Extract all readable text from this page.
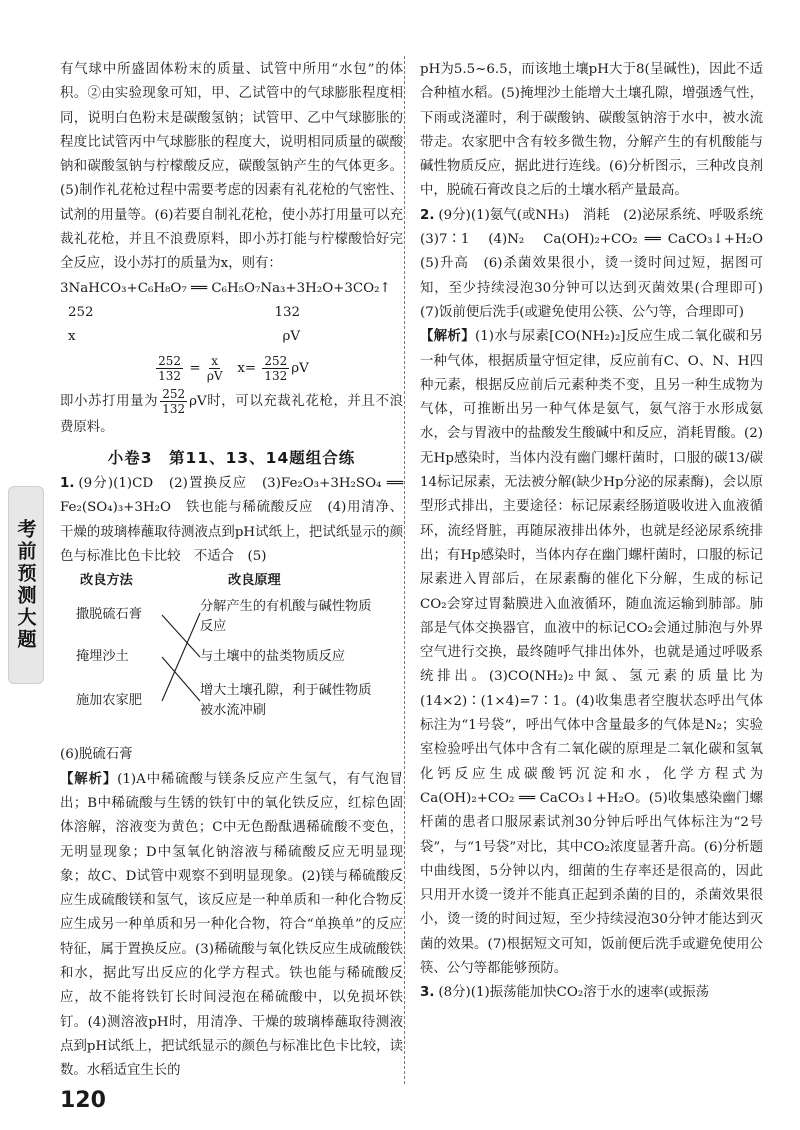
考前预测大题

有气球中所盛固体粉末的质量、试管中所用“水包”的体积。②由实验现象可知，甲、乙试管中的气球膨胀程度相同，说明白色粉末是碳酸氢钠；试管甲、乙中气球膨胀的程度比试管丙中气球膨胀的程度大，说明相同质量的碳酸钠和碳酸氢钠与柠檬酸反应，碳酸氢钠产生的气体更多。(5)制作礼花枪过程中需要考虑的因素有礼花枪的气密性、试剂的用量等。(6)若要自制礼花枪，使小苏打用量可以充裁礼花枪，并且不浪费原料，即小苏打能与柠檬酸恰好完全反应，设小苏打的质量为x，则有：

3NaHCO₃+C₆H₈O₇ ══ C₆H₅O₇Na₃+3H₂O+3CO₂↑

252	132
x	ρV
$\frac{252}{132} = \frac{x}{\rho V} x= \frac{252}{132}$ ρV

即小苏打用量为 $\frac{252}{132}$ ρV时，可以充裁礼花枪，并且不浪费原料。

小卷3　第11、13、14题组合练

1. (9分)(1)CD　(2)置换反应　(3)Fe₂O₃+3H₂SO₄ ══ Fe₂(SO₄)₃+3H₂O　铁也能与稀硫酸反应　(4)用清净、干燥的玻璃棒蘸取待测液点到pH试纸上，把试纸显示的颜色与标准比色卡比较　不适合　(5)

改良方法	改良原理
撒脱硫石膏
掩埋沙土
施加农家肥
分解产生的有机酸与碱性物质
反应
与土壤中的盐类物质反应
增大土壤孔隙，利于碱性物质
被水流冲刷

(6)脱硫石膏

【解析】(1)A中稀硫酸与镁条反应产生氢气，有气泡冒出；B中稀硫酸与生锈的铁钉中的氧化铁反应，红棕色固体溶解，溶液变为黄色；C中无色酚酞遇稀硫酸不变色，无明显现象；D中氢氧化钠溶液与稀硫酸反应无明显现象；故C、D试管中观察不到明显现象。(2)镁与稀硫酸反应生成硫酸镁和氢气，该反应是一种单质和一种化合物反应生成另一种单质和另一种化合物，符合“单换单”的反应特征，属于置换反应。(3)稀硫酸与氧化铁反应生成硫酸铁和水，据此写出反应的化学方程式。铁也能与稀硫酸反应，故不能将铁钉长时间浸泡在稀硫酸中，以免损坏铁钉。(4)测溶液pH时，用清净、干燥的玻璃棒蘸取待测液点到pH试纸上，把试纸显示的颜色与标准比色卡比较，读数。水稻适宜生长的

pH为5.5~6.5，而该地土壤pH大于8(呈碱性)，因此不适合种植水稻。(5)掩埋沙土能增大土壤孔隙，增强透气性，下雨或浇灌时，利于碳酸钠、碳酸氢钠溶于水中，被水流带走。农家肥中含有较多微生物，分解产生的有机酸能与碱性物质反应，据此进行连线。(6)分析图示，三种改良剂中，脱硫石膏改良之后的土壤水稻产量最高。

2. (9分)(1)氨气(或NH₃)　消耗　(2)泌尿系统、呼吸系统　(3)7∶1　(4)N₂　Ca(OH)₂+CO₂ ══ CaCO₃↓+H₂O　(5)升高　(6)杀菌效果很小，烫一烫时间过短，据图可知，至少持续浸泡30分钟可以达到灭菌效果(合理即可)　(7)饭前便后洗手(或避免使用公筷、公勺等，合理即可)

【解析】(1)水与尿素[CO(NH₂)₂]反应生成二氧化碳和另一种气体，根据质量守恒定律，反应前有C、O、N、H四种元素，根据反应前后元素种类不变，且另一种生成物为气体，可推断出另一种气体是氨气，氨气溶于水形成氨水，会与胃液中的盐酸发生酸碱中和反应，消耗胃酸。(2)无Hp感染时，当体内没有幽门螺杆菌时，口服的碳13/碳14标记尿素，无法被分解(缺少Hp分泌的尿素酶)，会以原型形式排出，主要途径：标记尿素经肠道吸收进入血液循环，流经肾脏，再随尿液排出体外，也就是经泌尿系统排出；有Hp感染时，当体内存在幽门螺杆菌时，口服的标记尿素进入胃部后，在尿素酶的催化下分解，生成的标记CO₂会穿过胃黏膜进入血液循环，随血流运输到肺部。肺部是气体交换器官，血液中的标记CO₂会通过肺泡与外界空气进行交换，最终随呼气排出体外，也就是通过呼吸系统排出。(3)CO(NH₂)₂中氮、氢元素的质量比为(14×2)∶(1×4)=7∶1。(4)收集患者空腹状态呼出气体标注为“1号袋”，呼出气体中含量最多的气体是N₂；实验室检验呼出气体中含有二氧化碳的原理是二氧化碳和氢氧化钙反应生成碳酸钙沉淀和水，化学方程式为Ca(OH)₂+CO₂ ══ CaCO₃↓+H₂O。(5)收集感染幽门螺杆菌的患者口服尿素试剂30分钟后呼出气体标注为“2号袋”，与“1号袋”对比，其中CO₂浓度显著升高。(6)分析题中曲线图，5分钟以内，细菌的生存率还是很高的，因此只用开水烫一烫并不能真正起到杀菌的目的，杀菌效果很小，烫一烫的时间过短，至少持续浸泡30分钟才能达到灭菌的效果。(7)根据短文可知，饭前便后洗手或避免使用公筷、公勺等都能够预防。

3. (8分)(1)振荡能加快CO₂溶于水的速率(或振荡

120
